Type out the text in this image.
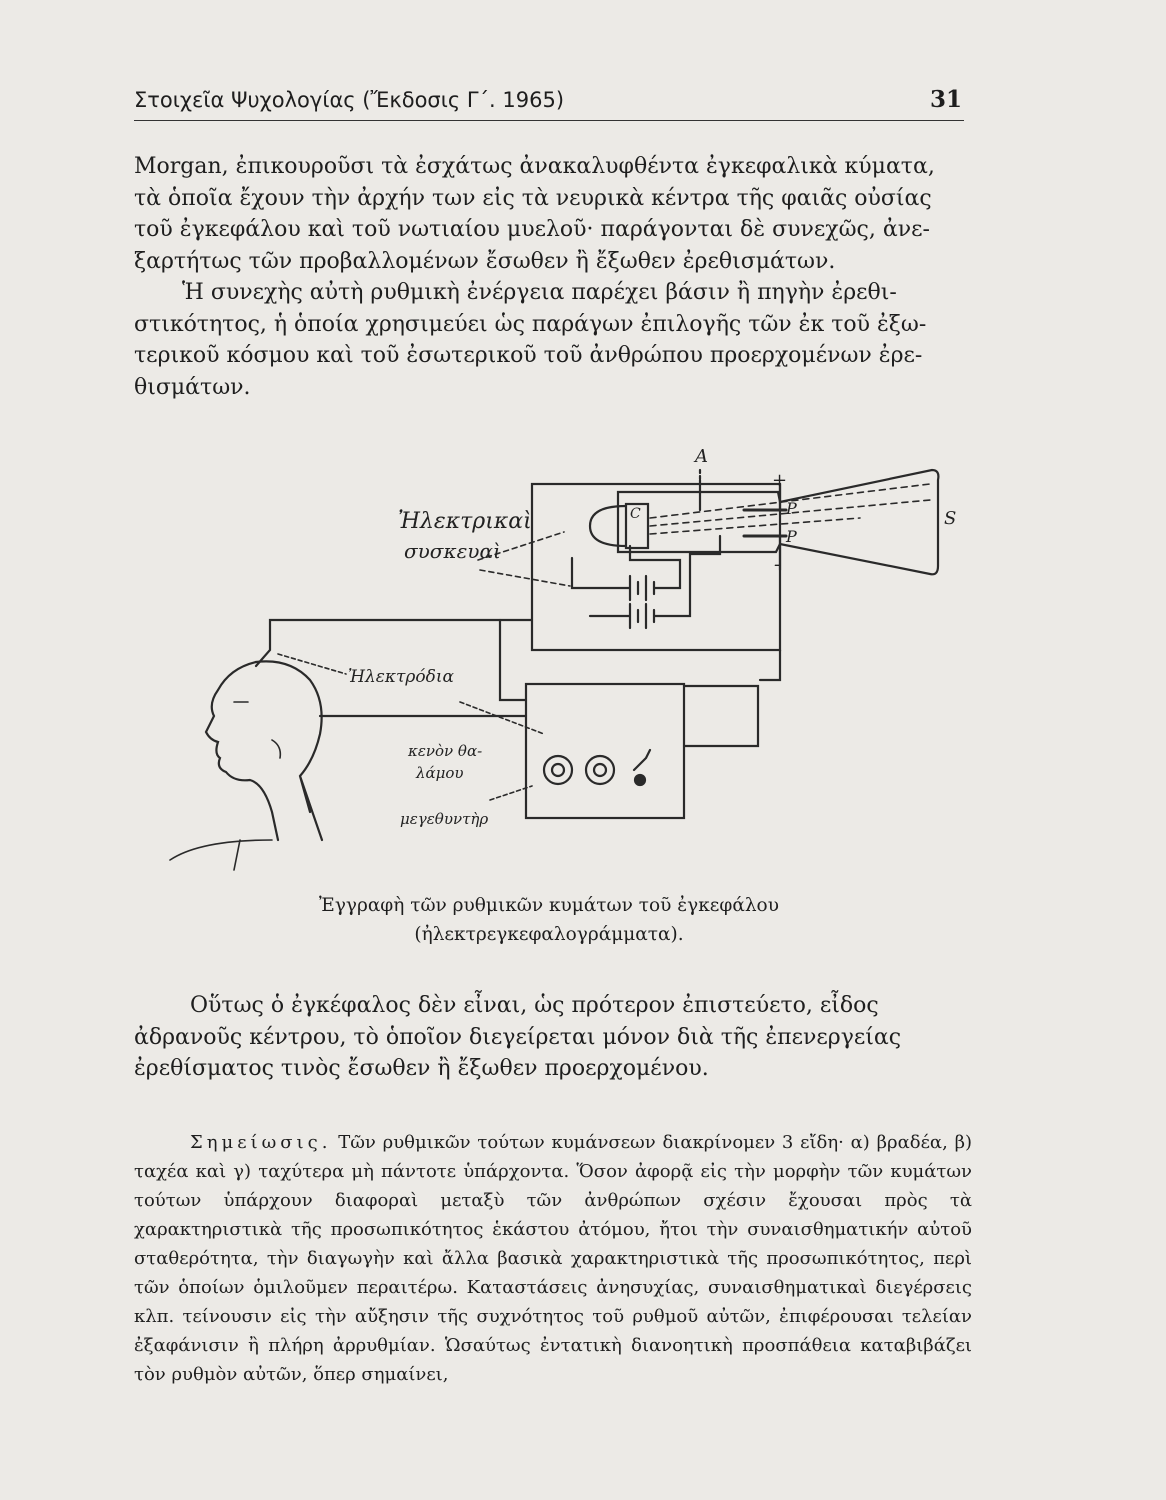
Στοιχεῖα Ψυχολογίας (Ἔκδοσις Γ΄. 1965)	31
Morgan, ἐπικουροῦσι τὰ ἐσχάτως ἀνακαλυφθέντα ἐγκεφαλικὰ κύματα,
τὰ ὁποῖα ἔχουν τὴν ἀρχήν των εἰς τὰ νευρικὰ κέντρα τῆς φαιᾶς οὐσίας
τοῦ ἐγκεφάλου καὶ τοῦ νωτιαίου μυελοῦ· παράγονται δὲ συνεχῶς, ἀνε-
ξαρτήτως τῶν προβαλλομένων ἔσωθεν ἢ ἔξωθεν ἐρεθισμάτων.
Ἡ συνεχὴς αὐτὴ ρυθμικὴ ἐνέργεια παρέχει βάσιν ἢ πηγὴν ἐρεθι-
στικότητος, ἡ ὁποία χρησιμεύει ὡς παράγων ἐπιλογῆς τῶν ἐκ τοῦ ἐξω-
τερικοῦ κόσμου καὶ τοῦ ἐσωτερικοῦ τοῦ ἀνθρώπου προερχομένων ἐρε-
θισμάτων.
A
+
-
C	P
P
S
Ἠλεκτρικαὶ
συσκευαὶ
Ἠλεκτρόδια
κενὸν θα-
λάμου
μεγεθυντὴρ
Ἐγγραφὴ τῶν ρυθμικῶν κυμάτων τοῦ ἐγκεφάλου
(ἠλεκτρεγκεφαλογράμματα).

Οὕτως ὁ ἐγκέφαλος δὲν εἶναι, ὡς πρότερον ἐπιστεύετο, εἶδος ἀδρανοῦς κέντρου, τὸ ὁποῖον διεγείρεται μόνον διὰ τῆς ἐπενεργείας ἐρεθίσματος τινὸς ἔσωθεν ἢ ἔξωθεν προερχομένου.

Σημείωσις. Τῶν ρυθμικῶν τούτων κυμάνσεων διακρίνομεν 3 εἴδη· α) βραδέα, β) ταχέα καὶ γ) ταχύτερα μὴ πάντοτε ὑπάρχοντα. Ὅσον ἀφορᾷ εἰς τὴν μορφὴν τῶν κυμάτων τούτων ὑπάρχουν διαφοραὶ μεταξὺ τῶν ἀνθρώπων σχέσιν ἔχουσαι πρὸς τὰ χαρακτηριστικὰ τῆς προσωπικότητος ἑκάστου ἀτόμου, ἤτοι τὴν συναισθηματικήν αὐτοῦ σταθερότητα, τὴν διαγωγὴν καὶ ἄλλα βασικὰ χαρακτηριστικὰ τῆς προσωπικότητος, περὶ τῶν ὁποίων ὁμιλοῦμεν περαιτέρω. Καταστάσεις ἀνησυχίας, συναισθηματικαὶ διεγέρσεις κλπ. τείνουσιν εἰς τὴν αὔξησιν τῆς συχνότητος τοῦ ρυθμοῦ αὐτῶν, ἐπιφέρουσαι τελείαν ἐξαφάνισιν ἢ πλήρη ἀρρυθμίαν. Ὡσαύτως ἐντατικὴ διανοητικὴ προσπάθεια καταβιβάζει τὸν ρυθμὸν αὐτῶν, ὅπερ σημαίνει,
